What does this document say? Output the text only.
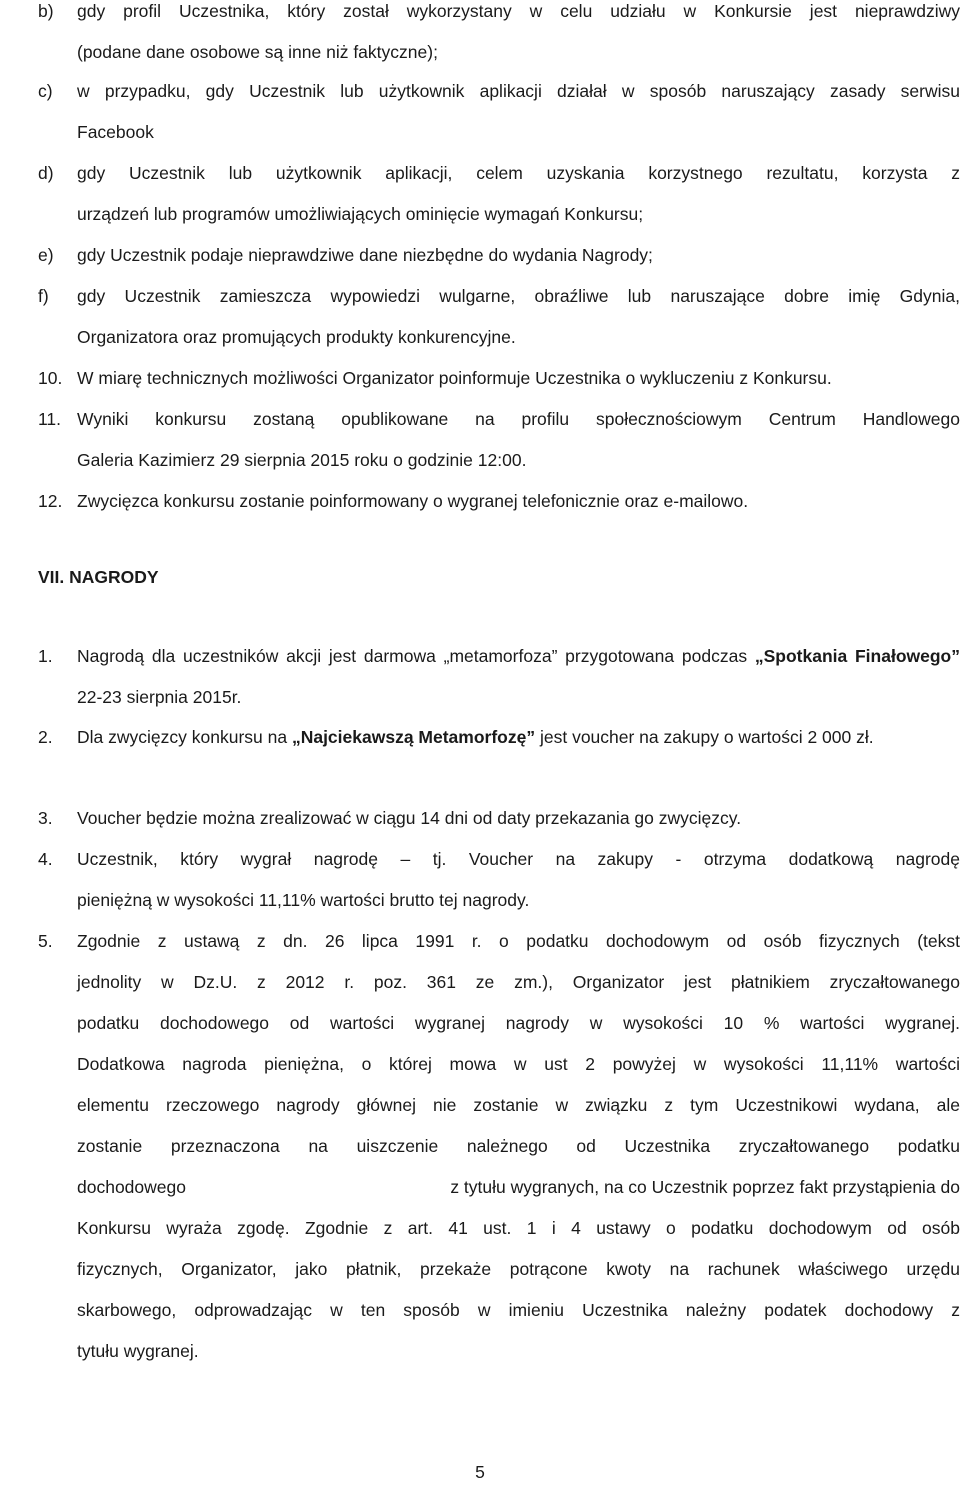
b) gdy profil Uczestnika, który został wykorzystany w celu udziału w Konkursie jest nieprawdziwy
(podane dane osobowe są inne niż faktyczne);
c) w przypadku, gdy Uczestnik lub użytkownik aplikacji działał w sposób naruszający zasady serwisu
Facebook
d) gdy Uczestnik lub użytkownik aplikacji, celem uzyskania korzystnego rezultatu, korzysta z
urządzeń lub programów umożliwiających ominięcie wymagań Konkursu;
e) gdy Uczestnik podaje nieprawdziwe dane niezbędne do wydania Nagrody;
f) gdy Uczestnik zamieszcza wypowiedzi wulgarne, obraźliwe lub naruszające dobre imię Gdynia,
Organizatora oraz promujących produkty konkurencyjne.
10. W miarę technicznych możliwości Organizator poinformuje Uczestnika o wykluczeniu z Konkursu.
11. Wyniki konkursu zostaną opublikowane na profilu społecznościowym Centrum Handlowego
Galeria Kazimierz 29 sierpnia 2015 roku o godzinie 12:00.
12. Zwycięzca konkursu zostanie poinformowany o wygranej telefonicznie oraz e-mailowo.
VII. NAGRODY
1. Nagrodą dla uczestników akcji jest darmowa „metamorfoza” przygotowana podczas „Spotkania Finałowego” 22-23 sierpnia 2015r.
2. Dla zwycięzcy konkursu na „Najciekawszą Metamorfozę” jest voucher na zakupy o wartości 2 000 zł.
3. Voucher będzie można zrealizować w ciągu 14 dni od daty przekazania go zwycięzcy.
4. Uczestnik, który wygrał nagrodę – tj. Voucher na zakupy - otrzyma dodatkową nagrodę
pieniężną w wysokości 11,11% wartości brutto tej nagrody.
5. Zgodnie z ustawą z dn. 26 lipca 1991 r. o podatku dochodowym od osób fizycznych (tekst
jednolity w Dz.U. z 2012 r. poz. 361 ze zm.), Organizator jest płatnikiem zryczałtowanego
podatku dochodowego od wartości wygranej nagrody w wysokości 10 % wartości wygranej.
Dodatkowa nagroda pieniężna, o której mowa w ust 2 powyżej w wysokości 11,11% wartości
elementu rzeczowego nagrody głównej nie zostanie w związku z tym Uczestnikowi wydana, ale
zostanie przeznaczona na uiszczenie należnego od Uczestnika zryczałtowanego podatku
dochodowego	z tytułu wygranych, na co Uczestnik poprzez fakt przystąpienia do
Konkursu wyraża zgodę. Zgodnie z art. 41 ust. 1 i 4 ustawy o podatku dochodowym od osób
fizycznych, Organizator, jako płatnik, przekaże potrącone kwoty na rachunek właściwego urzędu
skarbowego, odprowadzając w ten sposób w imieniu Uczestnika należny podatek dochodowy z
tytułu wygranej.
5
